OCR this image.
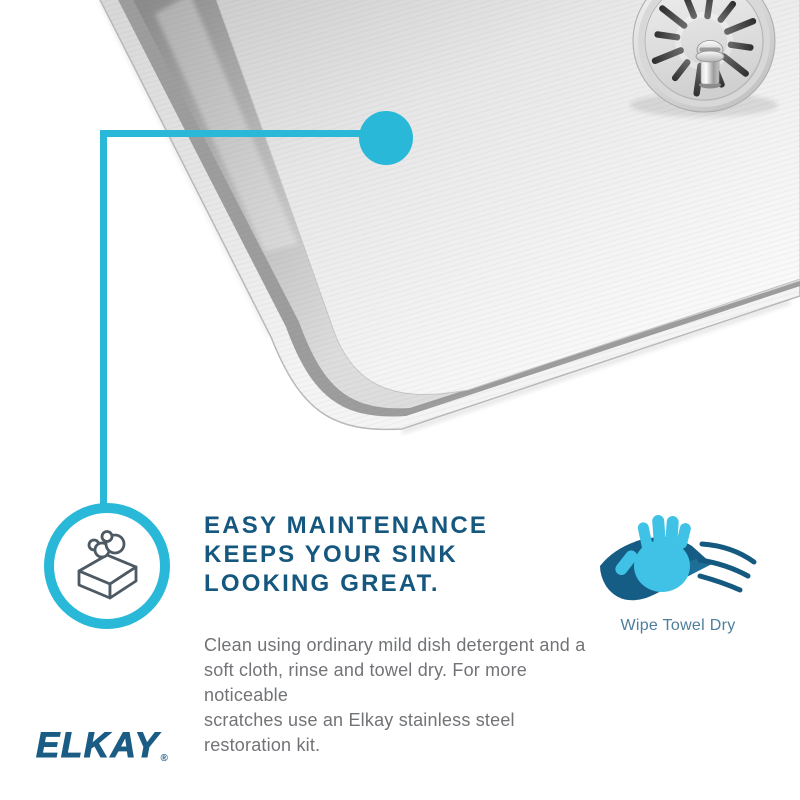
EASY MAINTENANCE
KEEPS YOUR SINK
LOOKING GREAT.
Clean using ordinary mild dish detergent and a
soft cloth, rinse and towel dry. For more noticeable
scratches use an Elkay stainless steel restoration kit.
Wipe Towel Dry
ELKAY®
